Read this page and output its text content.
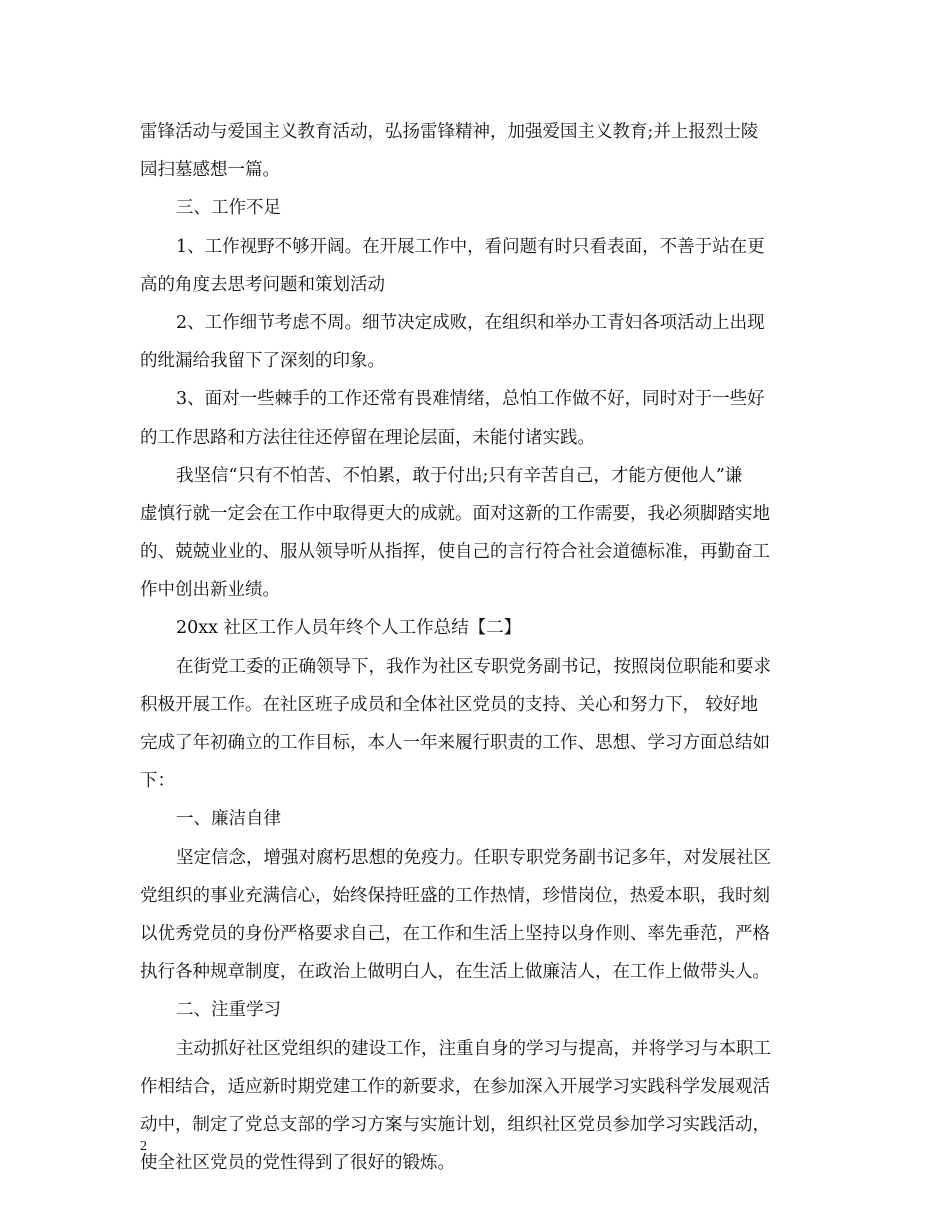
雷锋活动与爱国主义教育活动，弘扬雷锋精神，加强爱国主义教育;并上报烈士陵
园扫墓感想一篇。
三、工作不足
1、工作视野不够开阔。在开展工作中，看问题有时只看表面，不善于站在更
高的角度去思考问题和策划活动
2、工作细节考虑不周。细节决定成败，在组织和举办工青妇各项活动上出现
的纰漏给我留下了深刻的印象。
3、面对一些棘手的工作还常有畏难情绪，总怕工作做不好，同时对于一些好
的工作思路和方法往往还停留在理论层面，未能付诸实践。
我坚信“只有不怕苦、不怕累，敢于付出;只有辛苦自己，才能方便他人”谦
虚慎行就一定会在工作中取得更大的成就。面对这新的工作需要，我必须脚踏实地
的、兢兢业业的、服从领导听从指挥，使自己的言行符合社会道德标准，再勤奋工
作中创出新业绩。
20xx 社区工作人员年终个人工作总结【二】
在街党工委的正确领导下，我作为社区专职党务副书记，按照岗位职能和要求
积极开展工作。在社区班子成员和全体社区党员的支持、关心和努力下， 较好地
完成了年初确立的工作目标，本人一年来履行职责的工作、思想、学习方面总结如
下：
一、廉洁自律
坚定信念，增强对腐朽思想的免疫力。任职专职党务副书记多年，对发展社区
党组织的事业充满信心，始终保持旺盛的工作热情，珍惜岗位，热爱本职，我时刻
以优秀党员的身份严格要求自己，在工作和生活上坚持以身作则、率先垂范，严格
执行各种规章制度，在政治上做明白人，在生活上做廉洁人，在工作上做带头人。
二、注重学习
主动抓好社区党组织的建设工作，注重自身的学习与提高，并将学习与本职工
作相结合，适应新时期党建工作的新要求，在参加深入开展学习实践科学发展观活
动中，制定了党总支部的学习方案与实施计划，组织社区党员参加学习实践活动，
使全社区党员的党性得到了很好的锻炼。
2
